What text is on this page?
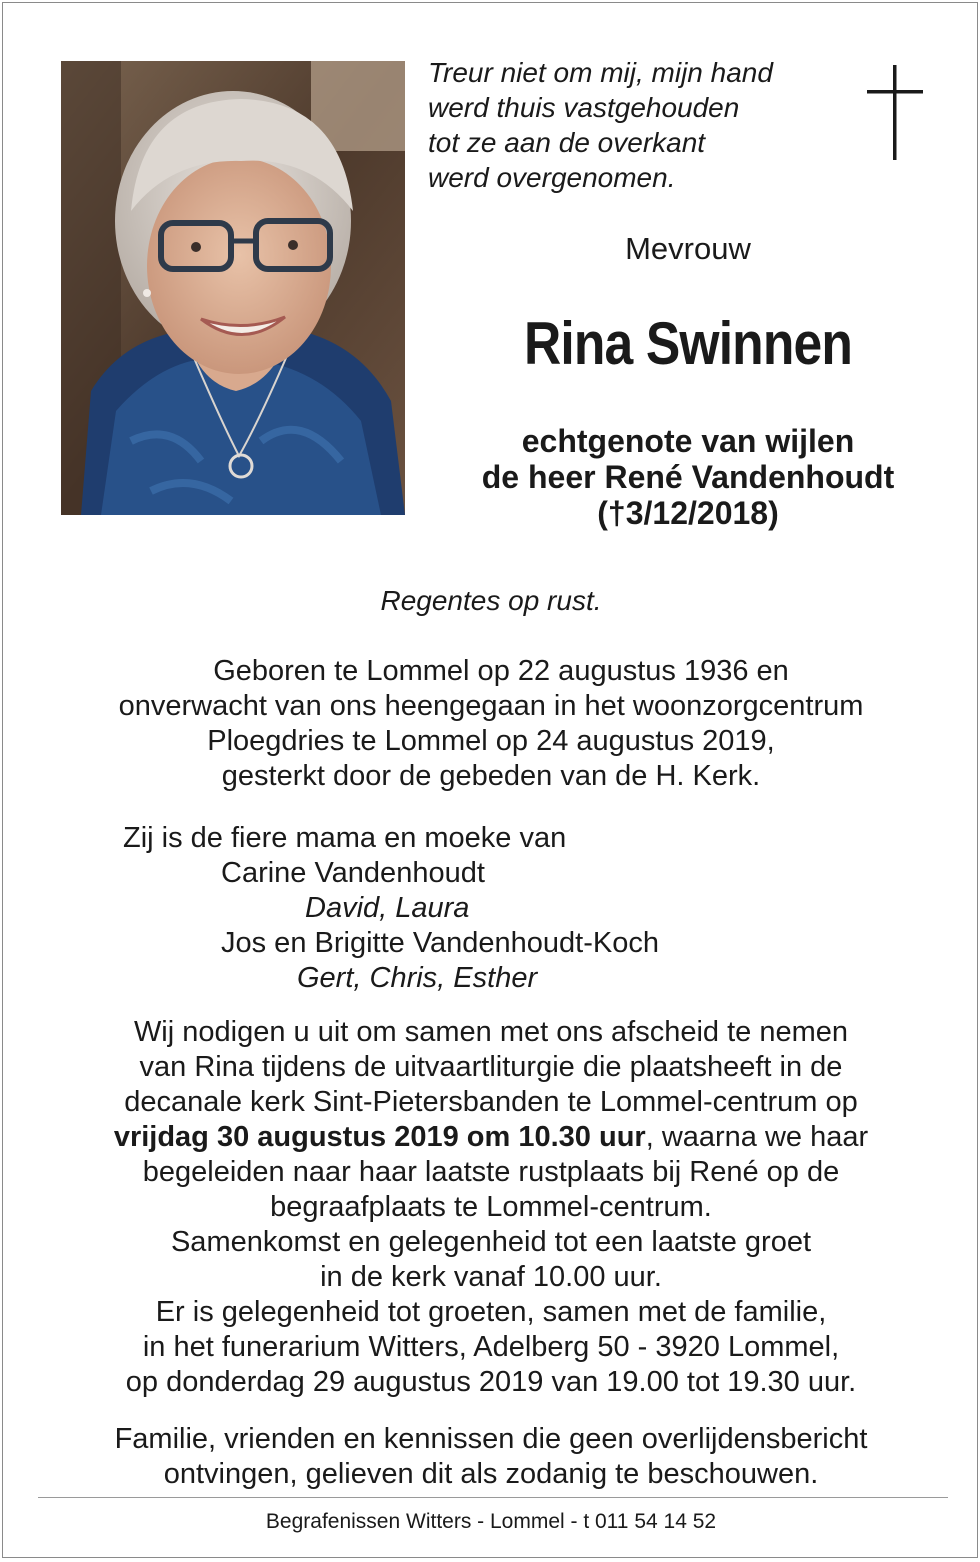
Treur niet om mij, mijn hand
werd thuis vastgehouden
tot ze aan de overkant
werd overgenomen.
Mevrouw
Rina Swinnen
echtgenote van wijlen
de heer René Vandenhoudt
(†3/12/2018)
Regentes op rust.
Geboren te Lommel op 22 augustus 1936 en
onverwacht van ons heengegaan in het woonzorgcentrum
Ploegdries te Lommel op 24 augustus 2019,
gesterkt door de gebeden van de H. Kerk.
Zij is de fiere mama en moeke van
Carine Vandenhoudt
David, Laura
Jos en Brigitte Vandenhoudt-Koch
Gert, Chris, Esther
Wij nodigen u uit om samen met ons afscheid te nemen
van Rina tijdens de uitvaartliturgie die plaatsheeft in de
decanale kerk Sint-Pietersbanden te Lommel-centrum op
vrijdag 30 augustus 2019 om 10.30 uur, waarna we haar
begeleiden naar haar laatste rustplaats bij René op de
begraafplaats te Lommel-centrum.
Samenkomst en gelegenheid tot een laatste groet
in de kerk vanaf 10.00 uur.
Er is gelegenheid tot groeten, samen met de familie,
in het funerarium Witters, Adelberg 50 - 3920 Lommel,
op donderdag 29 augustus 2019 van 19.00 tot 19.30 uur.
Familie, vrienden en kennissen die geen overlijdensbericht
ontvingen, gelieven dit als zodanig te beschouwen.
Begrafenissen Witters - Lommel - t 011 54 14 52
